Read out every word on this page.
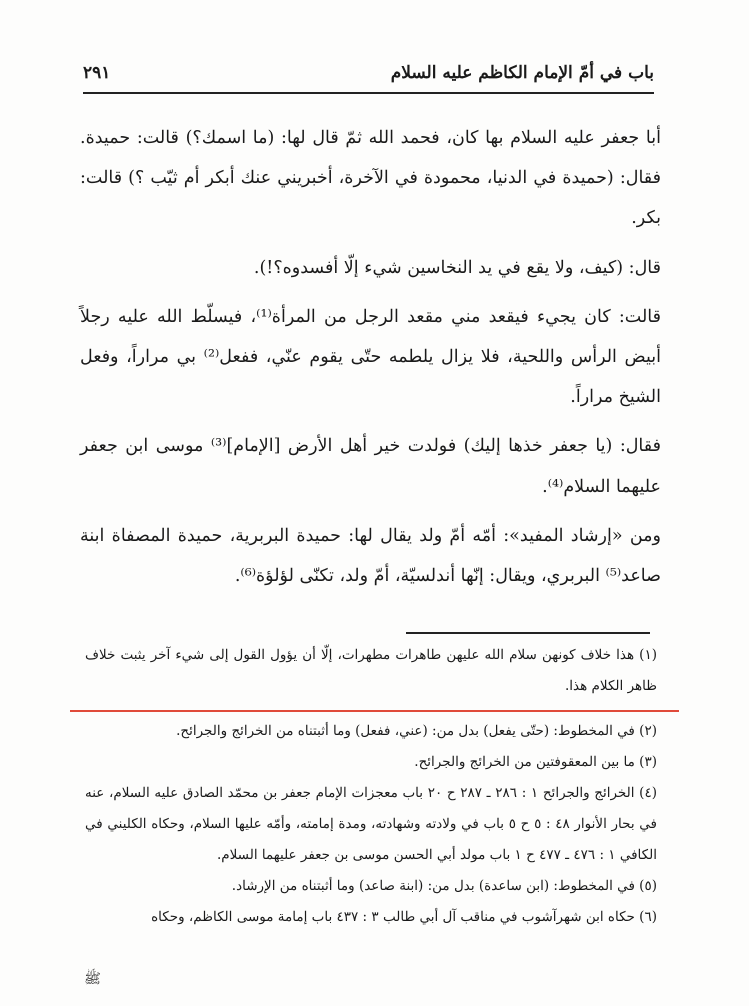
باب في أمّ الإمام الكاظم عليه السلام
٢٩١

أبا جعفر عليه السلام بها كان، فحمد الله ثمّ قال لها: (ما اسمك؟) قالت: حميدة. فقال: (حميدة في الدنيا، محمودة في الآخرة، أخبريني عنك أبكر أم ثيّب ؟) قالت: بكر.

قال: (كيف، ولا يقع في يد النخاسين شيء إلّا أفسدوه؟!).

قالت: كان يجيء فيقعد مني مقعد الرجل من المرأة⁽¹⁾، فيسلّط الله عليه رجلاً أبيض الرأس واللحية، فلا يزال يلطمه حتّى يقوم عنّي، ففعل⁽²⁾ بي مراراً، وفعل الشيخ مراراً.

فقال: (يا جعفر خذها إليك) فولدت خير أهل الأرض [الإمام]⁽³⁾ موسى ابن جعفر عليهما السلام⁽⁴⁾.

ومن «إرشاد المفيد»: أمّه أمّ ولد يقال لها: حميدة البربرية، حميدة المصفاة ابنة صاعد⁽⁵⁾ البربري، ويقال: إنّها أندلسيّة، أمّ ولد، تكنّى لؤلؤة⁽⁶⁾.

(١) هذا خلاف كونهن سلام الله عليهن طاهرات مطهرات، إلّا أن يؤول القول إلى شيء آخر يثبت خلاف ظاهر الكلام هذا.

(٢) في المخطوط: (حتّى يفعل) بدل من: (عني، ففعل) وما أثبتناه من الخرائج والجرائح.

(٣) ما بين المعقوفتين من الخرائج والجرائح.

(٤) الخرائج والجرائح ١ : ٢٨٦ ـ ٢٨٧ ح ٢٠ باب معجزات الإمام جعفر بن محمّد الصادق عليه السلام، عنه في بحار الأنوار ٤٨ : ٥ ح ٥ باب في ولادته وشهادته، ومدة إمامته، وأمّه عليها السلام، وحكاه الكليني في الكافي ١ : ٤٧٦ ـ ٤٧٧ ح ١ باب مولد أبي الحسن موسى بن جعفر عليهما السلام.

(٥) في المخطوط: (ابن ساعدة) بدل من: (ابنة صاعد) وما أثبتناه من الإرشاد.

(٦) حكاه ابن شهرآشوب في مناقب آل أبي طالب ٣ : ٤٣٧ باب إمامة موسى الكاظم، وحكاه

ﷺ
